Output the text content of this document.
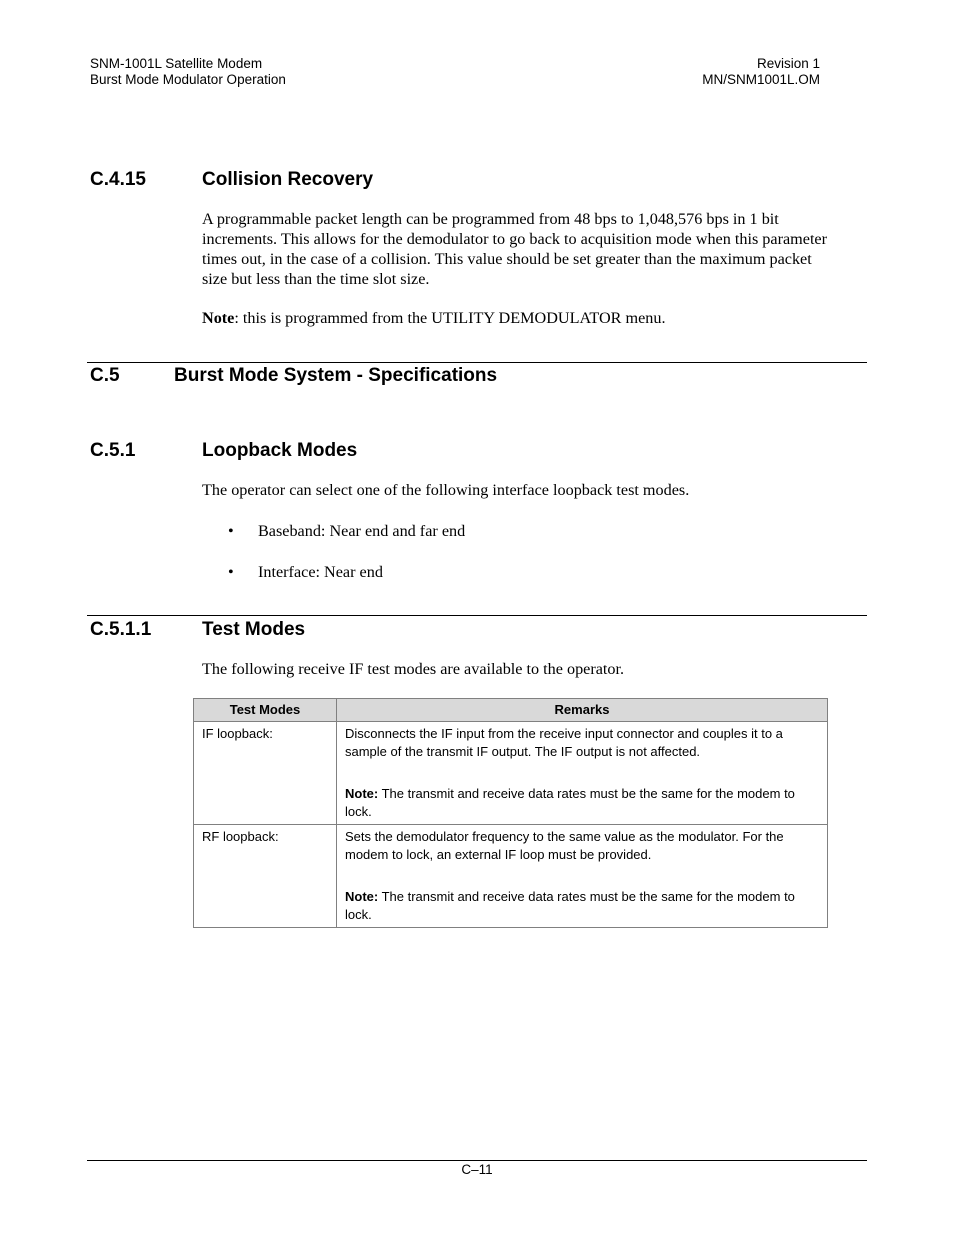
SNM-1001L Satellite Modem
Burst Mode Modulator Operation
Revision 1
MN/SNM1001L.OM
C.4.15	Collision Recovery
A programmable packet length can be programmed from 48 bps to 1,048,576 bps in 1 bit increments. This allows for the demodulator to go back to acquisition mode when this parameter times out, in the case of a collision. This value should be set greater than the maximum packet size but less than the time slot size.
Note: this is programmed from the UTILITY DEMODULATOR menu.
C.5	Burst Mode System - Specifications
C.5.1	Loopback Modes
The operator can select one of the following interface loopback test modes.
• Baseband: Near end and far end
• Interface: Near end
C.5.1.1	Test Modes
The following receive IF test modes are available to the operator.
Test Modes	Remarks
IF loopback:	Disconnects the IF input from the receive input connector and couples it to a sample of the transmit IF output. The IF output is not affected.
Note: The transmit and receive data rates must be the same for the modem to lock.

RF loopback:	Sets the demodulator frequency to the same value as the modulator. For the modem to lock, an external IF loop must be provided.
Note: The transmit and receive data rates must be the same for the modem to lock.
C–11
